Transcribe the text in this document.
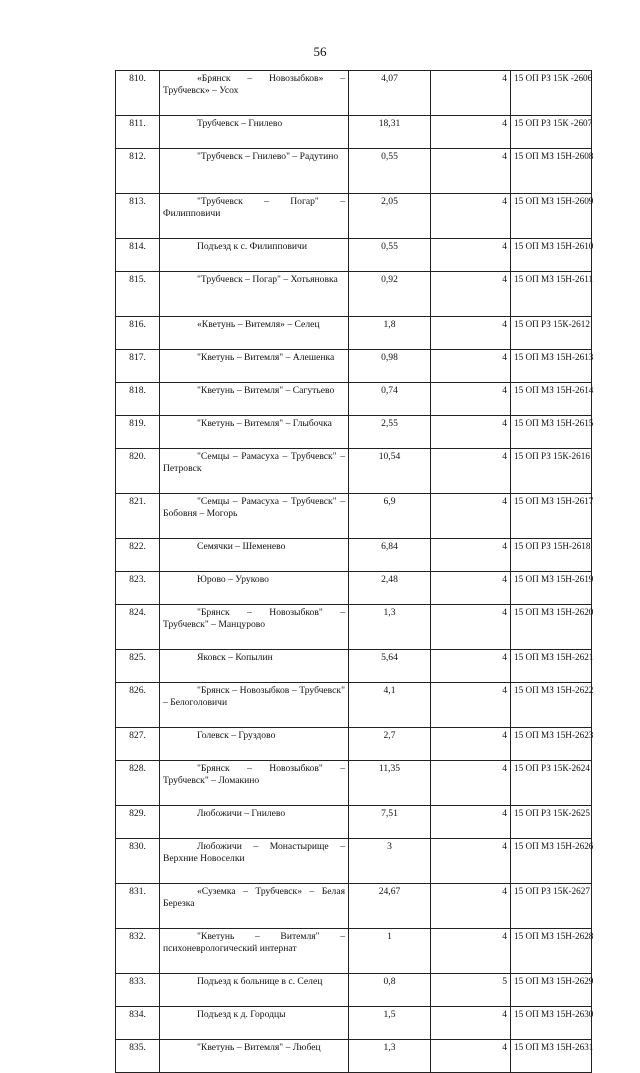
56
810.	«Брянск – Новозыбков» – Трубчевск» – Усох	4,07	4	15 ОП РЗ 15К -2606
811.	Трубчевск – Гнилево	18,31	4	15 ОП РЗ 15К -2607
812.	"Трубчевск – Гнилево" – Радутино	0,55	4	15 ОП МЗ 15Н-2608
813.	"Трубчевск – Погар" – Филипповичи	2,05	4	15 ОП МЗ 15Н-2609
814.	Подъезд к с. Филипповичи	0,55	4	15 ОП МЗ 15Н-2610
815.	"Трубчевск – Погар" – Хотьяновка	0,92	4	15 ОП МЗ 15Н-2611
816.	«Кветунь – Витемля» – Селец	1,8	4	15 ОП РЗ 15К-2612
817.	"Кветунь – Витемля" – Алешенка	0,98	4	15 ОП МЗ 15Н-2613
818.	"Кветунь – Витемля" – Сагутьево	0,74	4	15 ОП МЗ 15Н-2614
819.	"Кветунь – Витемля" – Глыбочка	2,55	4	15 ОП МЗ 15Н-2615
820.	"Семцы – Рамасуха – Трубчевск" – Петровск	10,54	4	15 ОП РЗ 15К-2616
821.	"Семцы – Рамасуха – Трубчевск" – Бобовня – Могорь	6,9	4	15 ОП МЗ 15Н-2617
822.	Семячки – Шеменево	6,84	4	15 ОП РЗ 15Н-2618
823.	Юрово – Уруково	2,48	4	15 ОП МЗ 15Н-2619
824.	"Брянск – Новозыбков" – Трубчевск" – Манцурово	1,3	4	15 ОП МЗ 15Н-2620
825.	Яковск – Копылин	5,64	4	15 ОП МЗ 15Н-2621
826.	"Брянск – Новозыбков – Трубчевск" – Белоголовичи	4,1	4	15 ОП МЗ 15Н-2622
827.	Голевск – Груздово	2,7	4	15 ОП МЗ 15Н-2623
828.	"Брянск – Новозыбков" – Трубчевск" – Ломакино	11,35	4	15 ОП РЗ 15К-2624
829.	Любожичи – Гнилево	7,51	4	15 ОП РЗ 15К-2625
830.	Любожичи – Монастырище – Верхние Новоселки	3	4	15 ОП МЗ 15Н-2626
831.	«Суземка – Трубчевск» – Белая Березка	24,67	4	15 ОП РЗ 15К-2627
832.	"Кветунь – Витемля" – психоневрологический интернат	1	4	15 ОП МЗ 15Н-2628
833.	Подъезд к больнице в с. Селец	0,8	5	15 ОП МЗ 15Н-2629
834.	Подъезд к д. Городцы	1,5	4	15 ОП МЗ 15Н-2630
835.	"Кветунь – Витемля" – Любец	1,3	4	15 ОП МЗ 15Н-2631
